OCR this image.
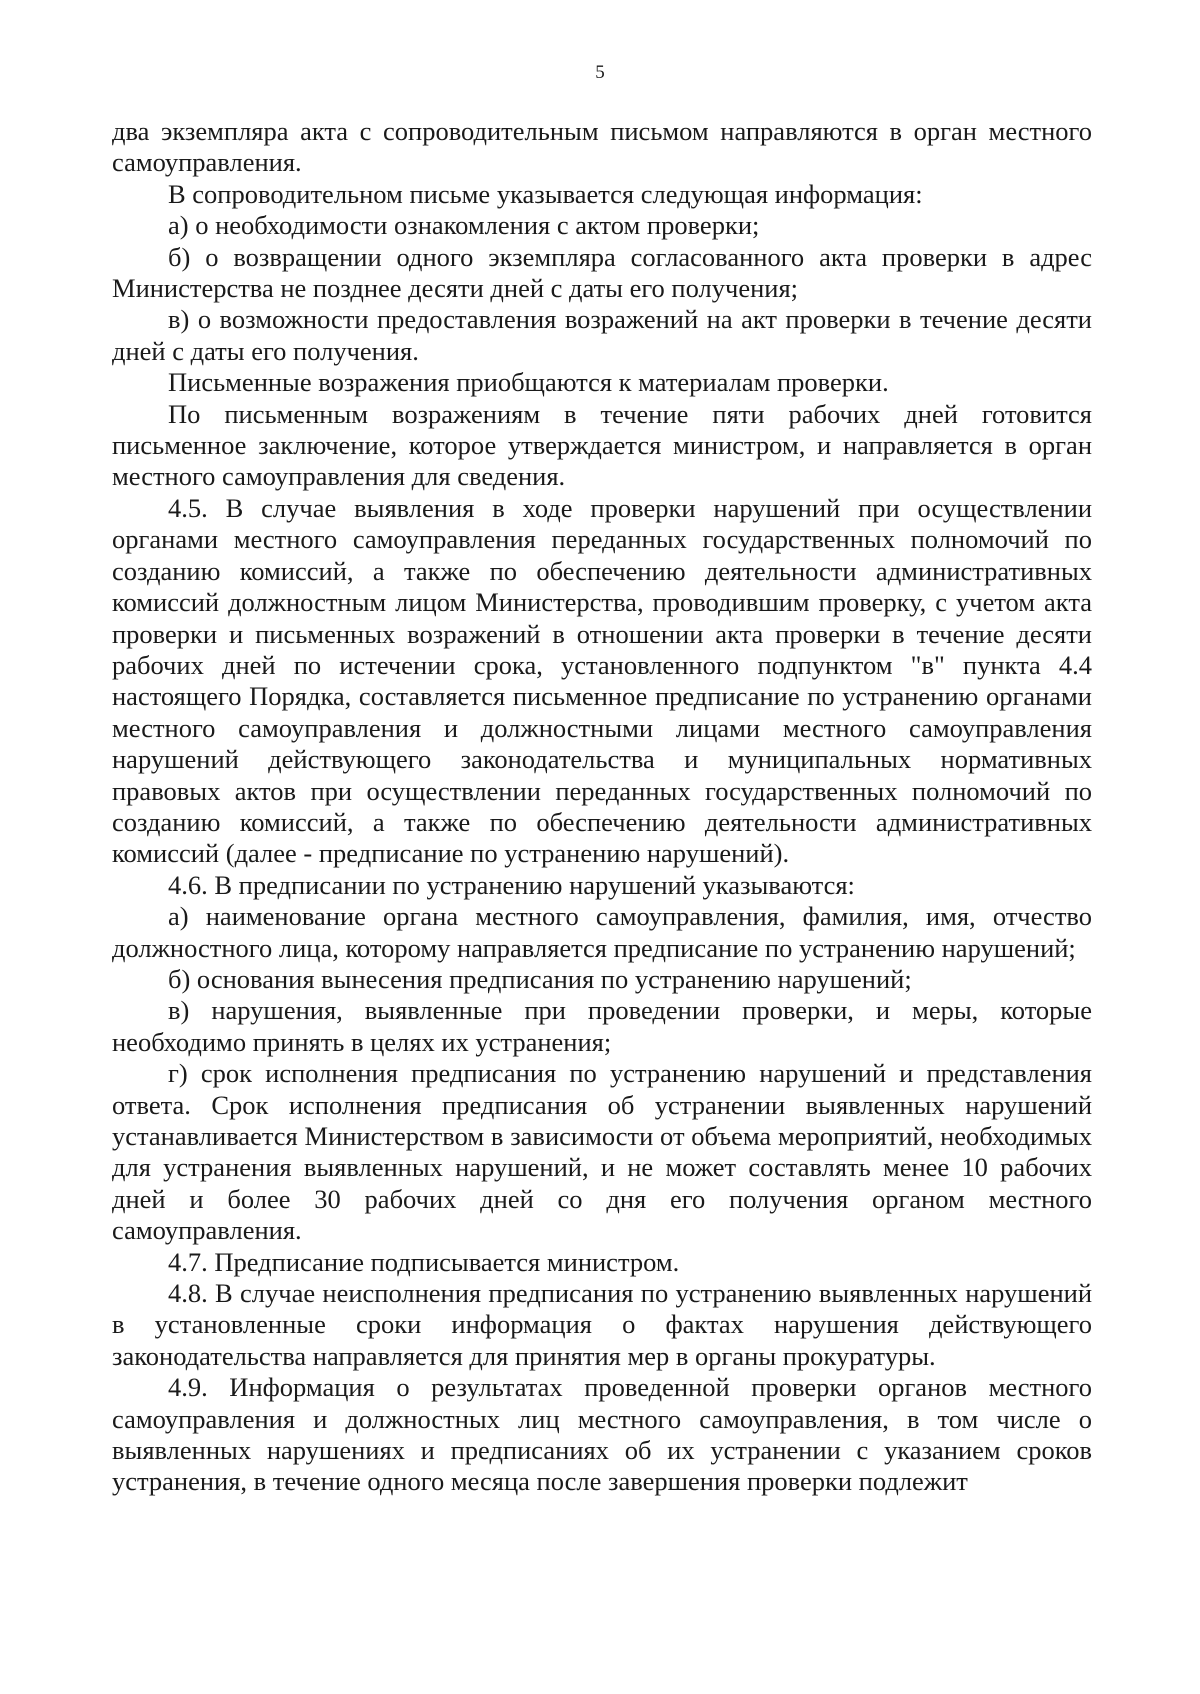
5

два экземпляра акта с сопроводительным письмом направляются в орган местного самоуправления.

В сопроводительном письме указывается следующая информация:

а) о необходимости ознакомления с актом проверки;

б) о возвращении одного экземпляра согласованного акта проверки в адрес Министерства не позднее десяти дней с даты его получения;

в) о возможности предоставления возражений на акт проверки в течение десяти дней с даты его получения.

Письменные возражения приобщаются к материалам проверки.

По письменным возражениям в течение пяти рабочих дней готовится письменное заключение, которое утверждается министром, и направляется в орган местного самоуправления для сведения.

4.5. В случае выявления в ходе проверки нарушений при осуществлении органами местного самоуправления переданных государственных полномочий по созданию комиссий, а также по обеспечению деятельности административных комиссий должностным лицом Министерства, проводившим проверку, с учетом акта проверки и письменных возражений в отношении акта проверки в течение десяти рабочих дней по истечении срока, установленного подпунктом "в" пункта 4.4 настоящего Порядка, составляется письменное предписание по устранению органами местного самоуправления и должностными лицами местного самоуправления нарушений действующего законодательства и муниципальных нормативных правовых актов при осуществлении переданных государственных полномочий по созданию комиссий, а также по обеспечению деятельности административных комиссий (далее - предписание по устранению нарушений).

4.6. В предписании по устранению нарушений указываются:

а) наименование органа местного самоуправления, фамилия, имя, отчество должностного лица, которому направляется предписание по устранению нарушений;

б) основания вынесения предписания по устранению нарушений;

в) нарушения, выявленные при проведении проверки, и меры, которые необходимо принять в целях их устранения;

г) срок исполнения предписания по устранению нарушений и представления ответа. Срок исполнения предписания об устранении выявленных нарушений устанавливается Министерством в зависимости от объема мероприятий, необходимых для устранения выявленных нарушений, и не может составлять менее 10 рабочих дней и более 30 рабочих дней со дня его получения органом местного самоуправления.

4.7. Предписание подписывается министром.

4.8. В случае неисполнения предписания по устранению выявленных нарушений в установленные сроки информация о фактах нарушения действующего законодательства направляется для принятия мер в органы прокуратуры.

4.9. Информация о результатах проведенной проверки органов местного самоуправления и должностных лиц местного самоуправления, в том числе о выявленных нарушениях и предписаниях об их устранении с указанием сроков устранения, в течение одного месяца после завершения проверки подлежит
